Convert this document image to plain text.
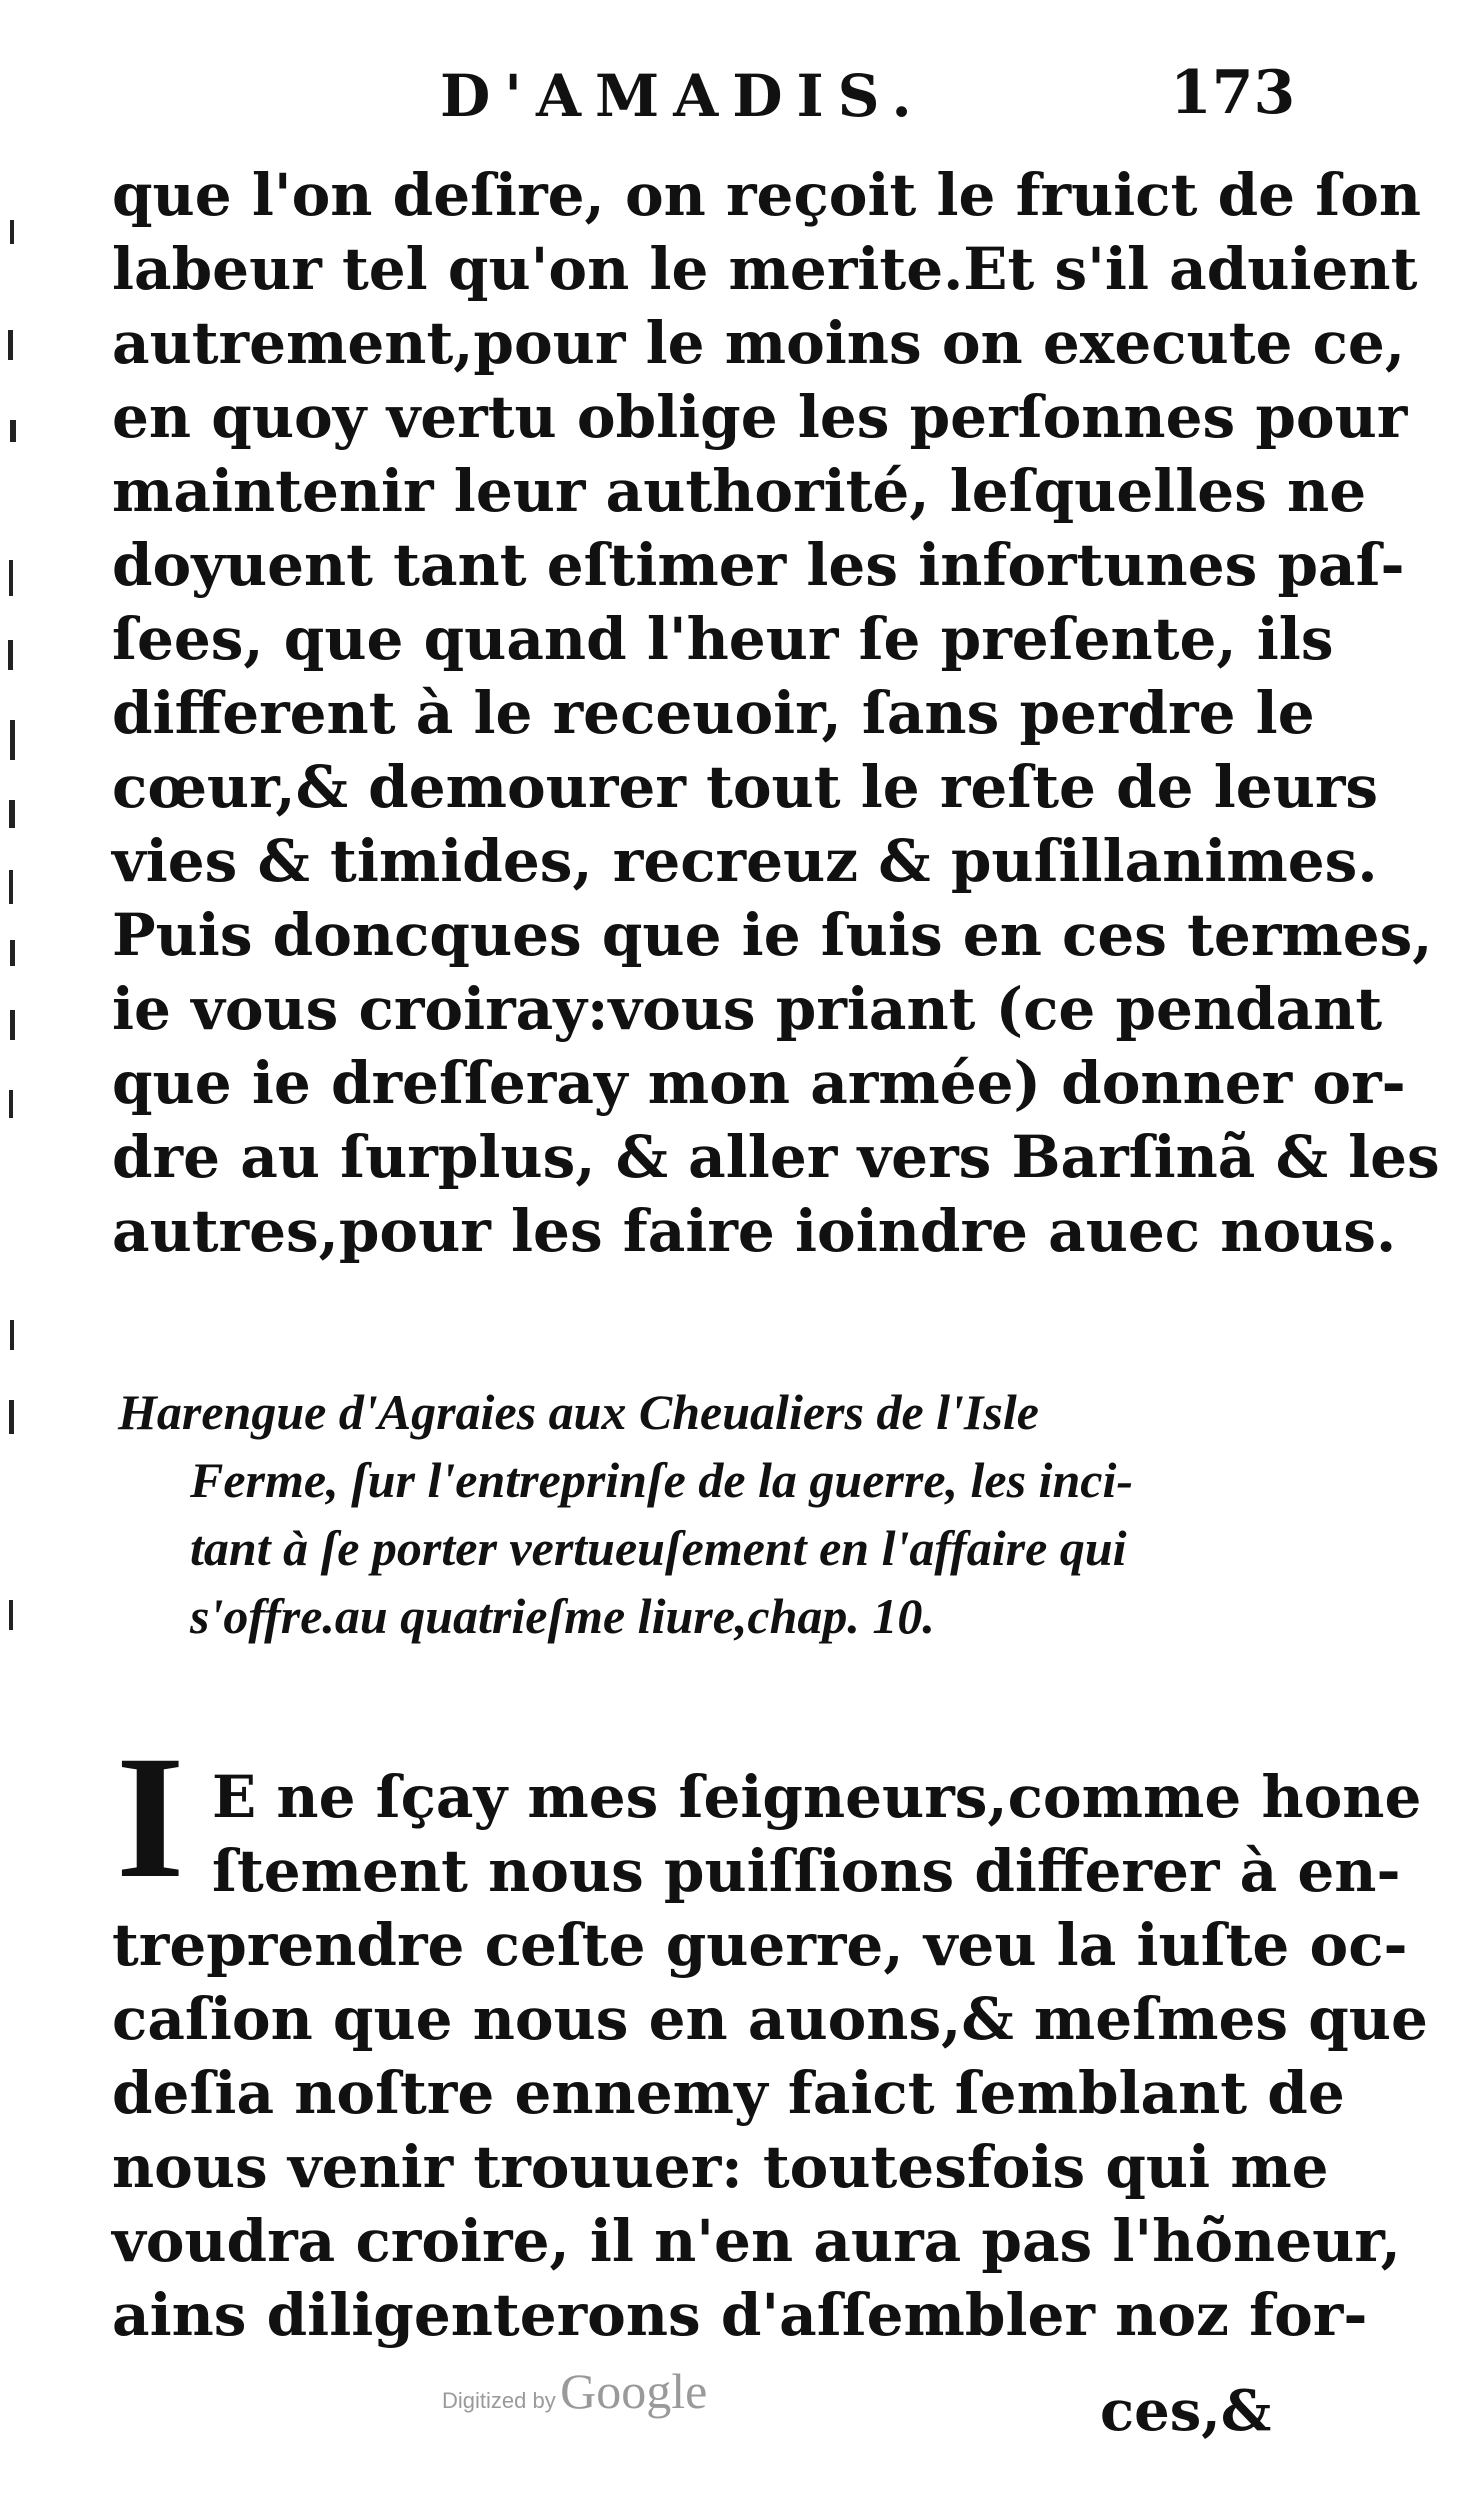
D'AMADIS.	173
que l'on deſire, on reçoit le fruict de ſon
labeur tel qu'on le merite.Et s'il aduient
autrement,pour le moins on execute ce,
en quoy vertu oblige les perſonnes pour
maintenir leur authorité, leſquelles ne
doyuent tant eſtimer les infortunes paſ-
ſees, que quand l'heur ſe preſente, ils
different à le receuoir, ſans perdre le
cœur,& demourer tout le reſte de leurs
vies & timides, recreuz & puſillanimes.
Puis doncques que ie ſuis en ces termes,
ie vous croiray:vous priant (ce pendant
que ie dreſſeray mon armée) donner or-
dre au ſurplus, & aller vers Barſinã & les
autres,pour les faire ioindre auec nous.
Harengue d'Agraies aux Cheualiers de l'Isle
Ferme, ſur l'entreprinſe de la guerre, les inci-
tant à ſe porter vertueuſement en l'affaire qui
s'offre.au quatrieſme liure,chap. 10.
I E ne ſçay mes ſeigneurs,comme hone
ſtement nous puiſſions differer à en-
treprendre ceſte guerre, veu la iuſte oc-
caſion que nous en auons,& meſmes que
deſia noſtre ennemy faict ſemblant de
nous venir trouuer: toutesfois qui me
voudra croire, il n'en aura pas l'hõneur,
ains diligenterons d'aſſembler noz for-
Digitized by Google	ces,&
